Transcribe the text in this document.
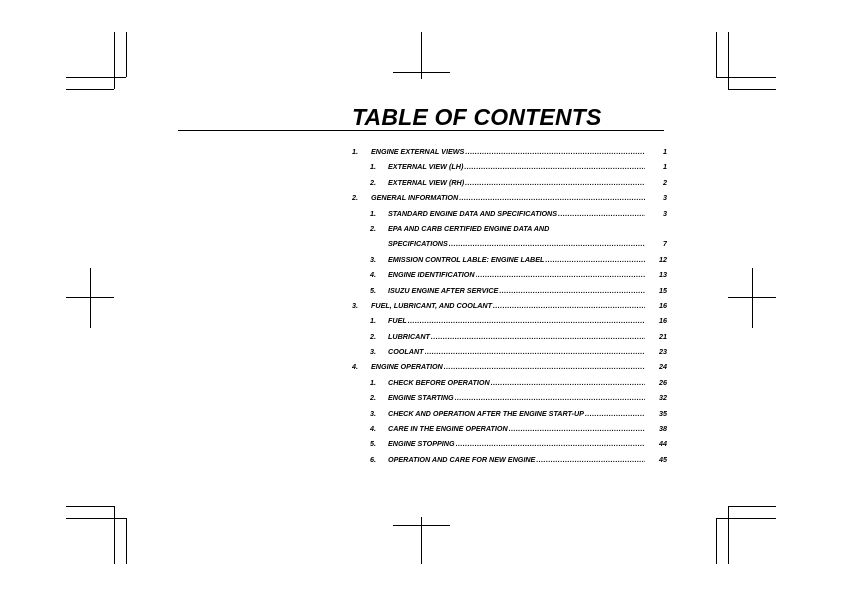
TABLE OF CONTENTS
1. ENGINE EXTERNAL VIEWS .....	1
1. EXTERNAL VIEW (LH) .....	1
2. EXTERNAL VIEW (RH) .....	2
2. GENERAL INFORMATION .....	3
1. STANDARD ENGINE DATA AND SPECIFICATIONS .....	3
2. EPA AND CARB CERTIFIED ENGINE DATA AND
SPECIFICATIONS .....	7
3. EMISSION CONTROL LABLE: ENGINE LABEL .....	12
4. ENGINE IDENTIFICATION .....	13
5. ISUZU ENGINE AFTER SERVICE .....	15
3. FUEL, LUBRICANT, AND COOLANT .....	16
1. FUEL .....	16
2. LUBRICANT .....	21
3. COOLANT .....	23
4. ENGINE OPERATION .....	24
1. CHECK BEFORE OPERATION .....	26
2. ENGINE STARTING .....	32
3. CHECK AND OPERATION AFTER THE ENGINE START-UP .....	35
4. CARE IN THE ENGINE OPERATION .....	38
5. ENGINE STOPPING .....	44
6. OPERATION AND CARE FOR NEW ENGINE .....	45
